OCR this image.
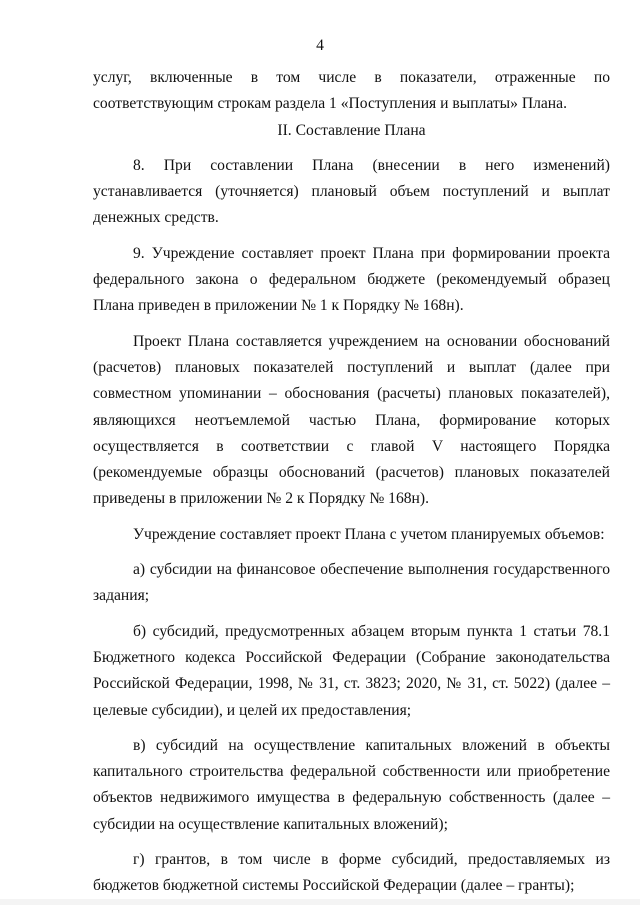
4

услуг, включенные в том числе в показатели, отраженные по соответствующим строкам раздела 1 «Поступления и выплаты» Плана.

II. Составление Плана

8. При составлении Плана (внесении в него изменений) устанавливается (уточняется) плановый объем поступлений и выплат денежных средств.

9. Учреждение составляет проект Плана при формировании проекта федерального закона о федеральном бюджете (рекомендуемый образец Плана приведен в приложении № 1 к Порядку № 168н).

Проект Плана составляется учреждением на основании обоснований (расчетов) плановых показателей поступлений и выплат (далее при совместном упоминании – обоснования (расчеты) плановых показателей), являющихся неотъемлемой частью Плана, формирование которых осуществляется в соответствии с главой V настоящего Порядка (рекомендуемые образцы обоснований (расчетов) плановых показателей приведены в приложении № 2 к Порядку № 168н).

Учреждение составляет проект Плана с учетом планируемых объемов:

а) субсидии на финансовое обеспечение выполнения государственного задания;

б) субсидий, предусмотренных абзацем вторым пункта 1 статьи 78.1 Бюджетного кодекса Российской Федерации (Собрание законодательства Российской Федерации, 1998, № 31, ст. 3823; 2020, № 31, ст. 5022) (далее – целевые субсидии), и целей их предоставления;

в) субсидий на осуществление капитальных вложений в объекты капитального строительства федеральной собственности или приобретение объектов недвижимого имущества в федеральную собственность (далее – субсидии на осуществление капитальных вложений);

г) грантов, в том числе в форме субсидий, предоставляемых из бюджетов бюджетной системы Российской Федерации (далее – гранты);
